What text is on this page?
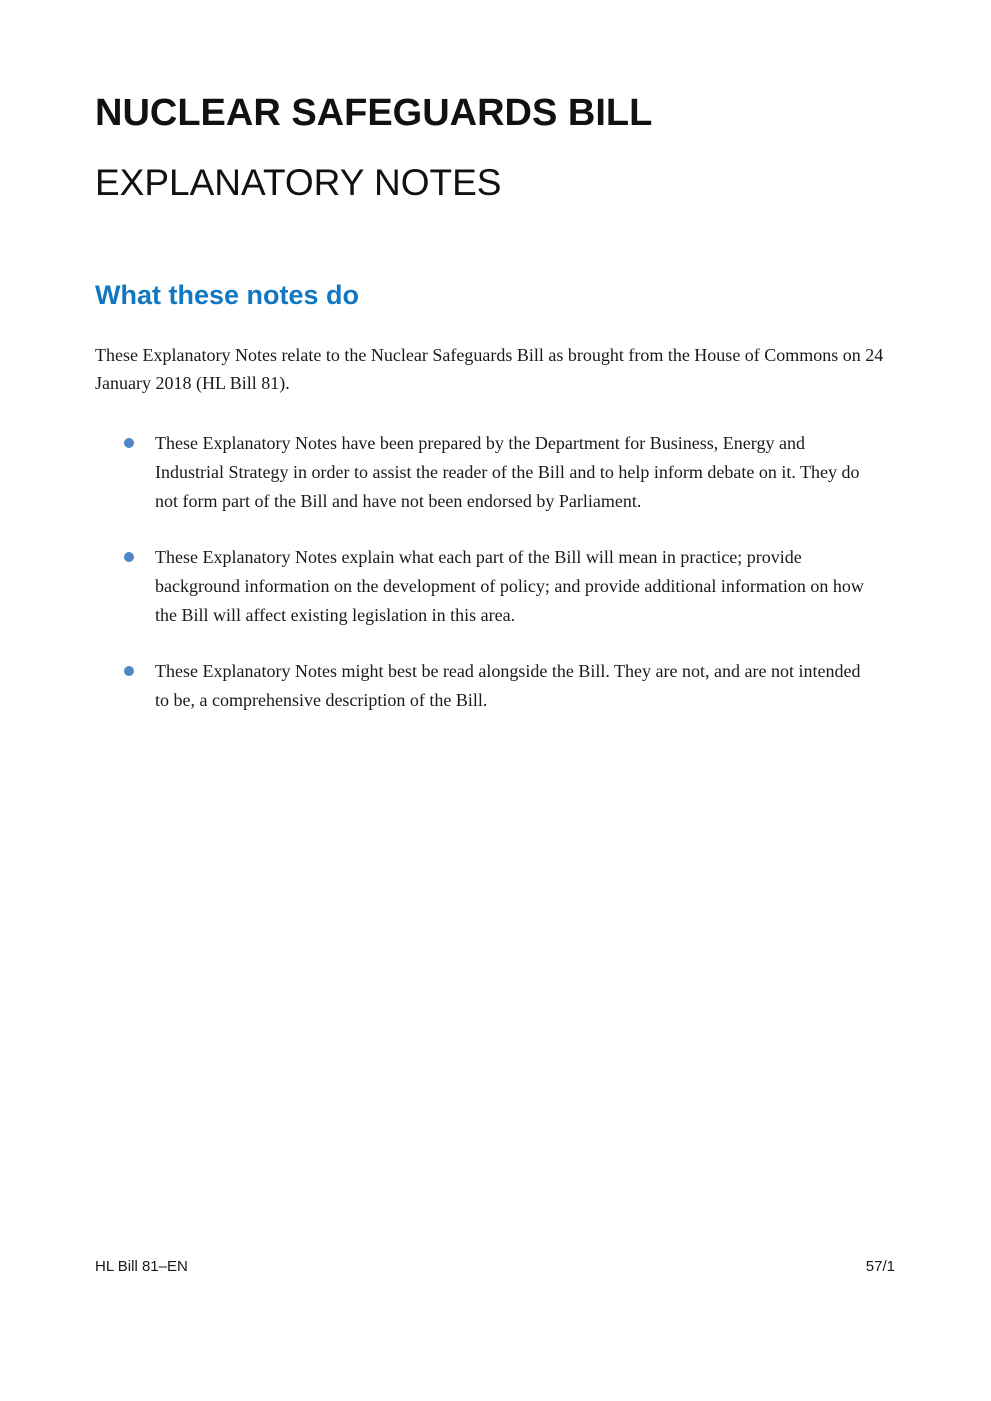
NUCLEAR SAFEGUARDS BILL
EXPLANATORY NOTES
What these notes do

These Explanatory Notes relate to the Nuclear Safeguards Bill as brought from the House of Commons on 24 January 2018 (HL Bill 81).

These Explanatory Notes have been prepared by the Department for Business, Energy and Industrial Strategy in order to assist the reader of the Bill and to help inform debate on it. They do not form part of the Bill and have not been endorsed by Parliament.
These Explanatory Notes explain what each part of the Bill will mean in practice; provide background information on the development of policy; and provide additional information on how the Bill will affect existing legislation in this area.
These Explanatory Notes might best be read alongside the Bill. They are not, and are not intended to be, a comprehensive description of the Bill.
HL Bill 81–EN	57/1
